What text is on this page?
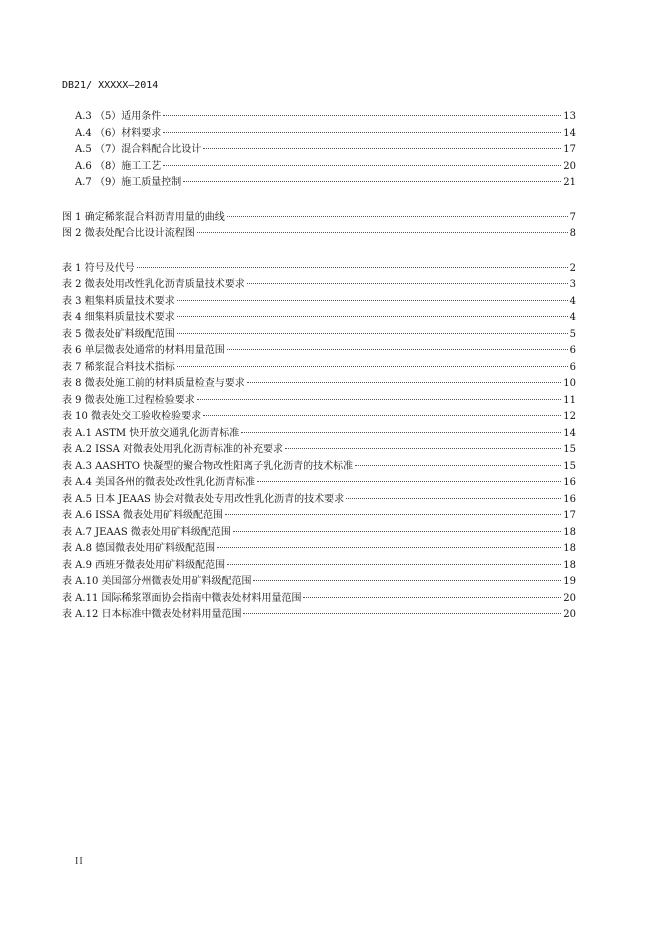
DB21/ XXXXX—2014
A.3 （5）适用条件	13
A.4 （6）材料要求	14
A.5 （7）混合料配合比设计	17
A.6 （8）施工工艺	20
A.7 （9）施工质量控制	21
图 1 确定稀浆混合料沥青用量的曲线	7
图 2 微表处配合比设计流程图	8
表 1 符号及代号	2
表 2 微表处用改性乳化沥青质量技术要求	3
表 3 粗集料质量技术要求	4
表 4 细集料质量技术要求	4
表 5 微表处矿料级配范围	5
表 6 单层微表处通常的材料用量范围	6
表 7 稀浆混合料技术指标	6
表 8 微表处施工前的材料质量检查与要求	10
表 9 微表处施工过程检验要求	11
表 10 微表处交工验收检验要求	12
表 A.1 ASTM 快开放交通乳化沥青标准	14
表 A.2 ISSA 对微表处用乳化沥青标准的补充要求	15
表 A.3 AASHTO 快凝型的聚合物改性阳离子乳化沥青的技术标准	15
表 A.4 美国各州的微表处改性乳化沥青标准	16
表 A.5 日本 JEAAS 协会对微表处专用改性乳化沥青的技术要求	16
表 A.6 ISSA 微表处用矿料级配范围	17
表 A.7 JEAAS 微表处用矿料级配范围	18
表 A.8 德国微表处用矿料级配范围	18
表 A.9 西班牙微表处用矿料级配范围	18
表 A.10 美国部分州微表处用矿料级配范围	19
表 A.11 国际稀浆罩面协会指南中微表处材料用量范围	20
表 A.12 日本标准中微表处材料用量范围	20
II
